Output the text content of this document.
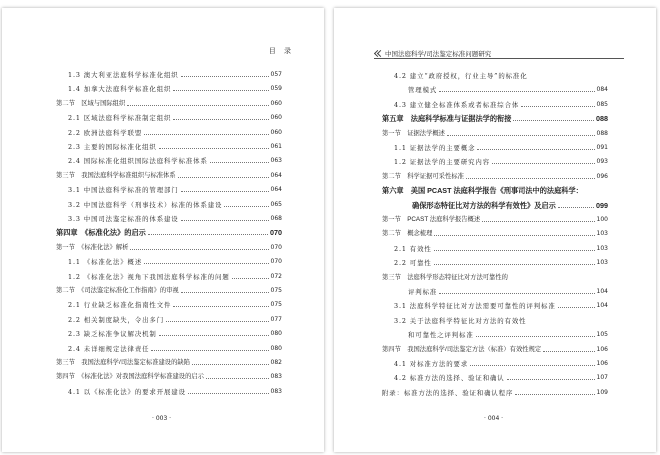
目 录
1.3 澳大利亚法庭科学标准化组织	057
1.4 加拿大法庭科学标准化组织	059
第二节　区域与国际组织	060
2.1 区域法庭科学标准制定组织	060
2.2 欧洲法庭科学联盟	060
2.3 主要的国际标准化组织	061
2.4 国际标准化组织国际法庭科学标准体系	063
第三节　我国法庭科学标准组织与标准体系	064
3.1 中国法庭科学标准的管理部门	064
3.2 中国法庭科学（刑事技术）标准的体系建设	065
3.3 中国司法鉴定标准的体系建设	068
第四章　《标准化法》的启示	070
第一节　《标准化法》解析	070
1.1 《标准化法》概述	070
1.2 《标准化法》视角下我国法庭科学标准的问题	072
第二节　《司法鉴定标准化工作指南》的审视	075
2.1 行业缺乏标准化指南性文件	075
2.2 相关制度缺失，令出多门	077
2.3 缺乏标准争议解决机制	080
2.4 未详细规定法律责任	080
第三节　我国法庭科学/司法鉴定标准建设的缺陷	082
第四节　《标准化法》对我国法庭科学标准建设的启示	083
4.1 以《标准化法》的要求开展建设	083
· 003 ·
中国法庭科学/司法鉴定标准问题研究
4.2 建立“政府授权，行业主导”的标准化
管理模式	084
4.3 建立健全标准体系或者标准综合体	085
第五章　法庭科学标准与证据法学的衔接	088
第一节　证据法学概述	088
1.1 证据法学的主要概念	091
1.2 证据法学的主要研究内容	093
第二节　科学证据可采性标准	096
第六章　美国 PCAST 法庭科学报告《刑事司法中的法庭科学：
确保形态特征比对方法的科学有效性》及启示	099
第一节　PCAST 法庭科学报告概述	100
第二节　概念梳理	103
2.1 有效性	103
2.2 可靠性	103
第三节　法庭科学形态特征比对方法可靠性的
评判标准	104
3.1 法庭科学特征比对方法需要可靠性的评判标准	104
3.2 关于法庭科学特征比对方法的有效性
和可靠性之评判标准	105
第四节　我国法庭科学/司法鉴定方法（标准）有效性规定	106
4.1 对标准方法的要求	106
4.2 标准方法的选择、验证和确认	107
附录：标准方法的选择、验证和确认程序	109
· 004 ·
